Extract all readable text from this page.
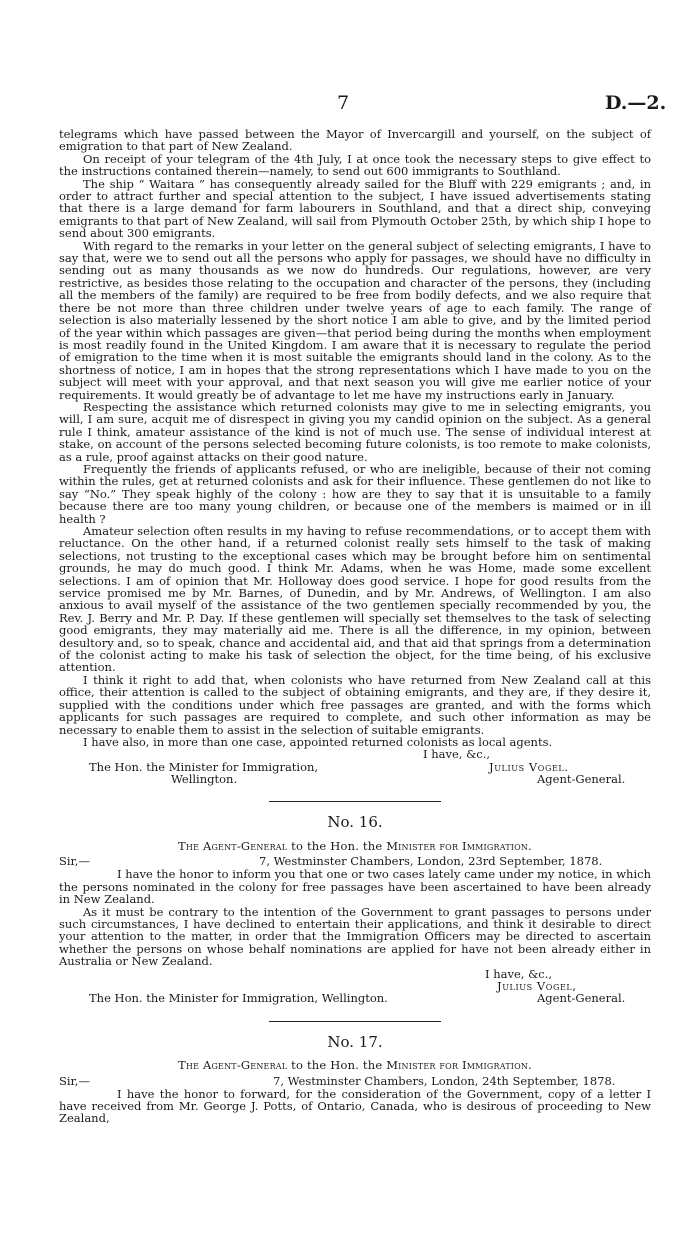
7	D.—2.

telegrams which have passed between the Mayor of Invercargill and yourself, on the subject of emigration to that part of New Zealand.

On receipt of your telegram of the 4th July, I at once took the necessary steps to give effect to the instructions contained therein—namely, to send out 600 immigrants to Southland.

The ship “ Waitara ” has consequently already sailed for the Bluff with 229 emigrants ; and, in order to attract further and special attention to the subject, I have issued advertisements stating that there is a large demand for farm labourers in Southland, and that a direct ship, conveying emigrants to that part of New Zealand, will sail from Plymouth October 25th, by which ship I hope to send about 300 emigrants.

With regard to the remarks in your letter on the general subject of selecting emigrants, I have to say that, were we to send out all the persons who apply for passages, we should have no difficulty in sending out as many thousands as we now do hundreds. Our regulations, however, are very restrictive, as besides those relating to the occupation and character of the persons, they (including all the members of the family) are required to be free from bodily defects, and we also require that there be not more than three children under twelve years of age to each family. The range of selection is also materially lessened by the short notice I am able to give, and by the limited period of the year within which passages are given—that period being during the months when employment is most readily found in the United Kingdom. I am aware that it is necessary to regulate the period of emigration to the time when it is most suitable the emigrants should land in the colony. As to the shortness of notice, I am in hopes that the strong representations which I have made to you on the subject will meet with your approval, and that next season you will give me earlier notice of your requirements. It would greatly be of advantage to let me have my instructions early in January.

Respecting the assistance which returned colonists may give to me in selecting emigrants, you will, I am sure, acquit me of disrespect in giving you my candid opinion on the subject. As a general rule I think, amateur assistance of the kind is not of much use. The sense of individual interest at stake, on account of the persons selected becoming future colonists, is too remote to make colonists, as a rule, proof against attacks on their good nature.

Frequently the friends of applicants refused, or who are ineligible, because of their not coming within the rules, get at returned colonists and ask for their influence. These gentlemen do not like to say “No.” They speak highly of the colony : how are they to say that it is unsuitable to a family because there are too many young children, or because one of the members is maimed or in ill health ?

Amateur selection often results in my having to refuse recommendations, or to accept them with reluctance. On the other hand, if a returned colonist really sets himself to the task of making selections, not trusting to the exceptional cases which may be brought before him on sentimental grounds, he may do much good. I think Mr. Adams, when he was Home, made some excellent selections. I am of opinion that Mr. Holloway does good service. I hope for good results from the service promised me by Mr. Barnes, of Dunedin, and by Mr. Andrews, of Wellington. I am also anxious to avail myself of the assistance of the two gentlemen specially recommended by you, the Rev. J. Berry and Mr. P. Day. If these gentlemen will specially set themselves to the task of selecting good emigrants, they may materially aid me. There is all the difference, in my opinion, between desultory and, so to speak, chance and accidental aid, and that aid that springs from a determination of the colonist acting to make his task of selection the object, for the time being, of his exclusive attention.

I think it right to add that, when colonists who have returned from New Zealand call at this office, their attention is called to the subject of obtaining emigrants, and they are, if they desire it, supplied with the conditions under which free passages are granted, and with the forms which applicants for such passages are required to complete, and such other information as may be necessary to enable them to assist in the selection of suitable emigrants.

I have also, in more than one case, appointed returned colonists as local agents.

I have, &c.,
The Hon. the Minister for Immigration,	Julius Vogel.
Wellington.	Agent-General.
No. 16.
The Agent-General to the Hon. the Minister for Immigration.
Sir,—	7, Westminster Chambers, London, 23rd September, 1878.

I have the honor to inform you that one or two cases lately came under my notice, in which the persons nominated in the colony for free passages have been ascertained to have been already in New Zealand.

As it must be contrary to the intention of the Government to grant passages to persons under such circumstances, I have declined to entertain their applications, and think it desirable to direct your attention to the matter, in order that the Immigration Officers may be directed to ascertain whether the persons on whose behalf nominations are applied for have not been already either in Australia or New Zealand.

I have, &c.,
Julius Vogel,
The Hon. the Minister for Immigration, Wellington.	Agent-General.
No. 17.
The Agent-General to the Hon. the Minister for Immigration.
Sir,—	7, Westminster Chambers, London, 24th September, 1878.

I have the honor to forward, for the consideration of the Government, copy of a letter I have received from Mr. George J. Potts, of Ontario, Canada, who is desirous of proceeding to New Zealand,
